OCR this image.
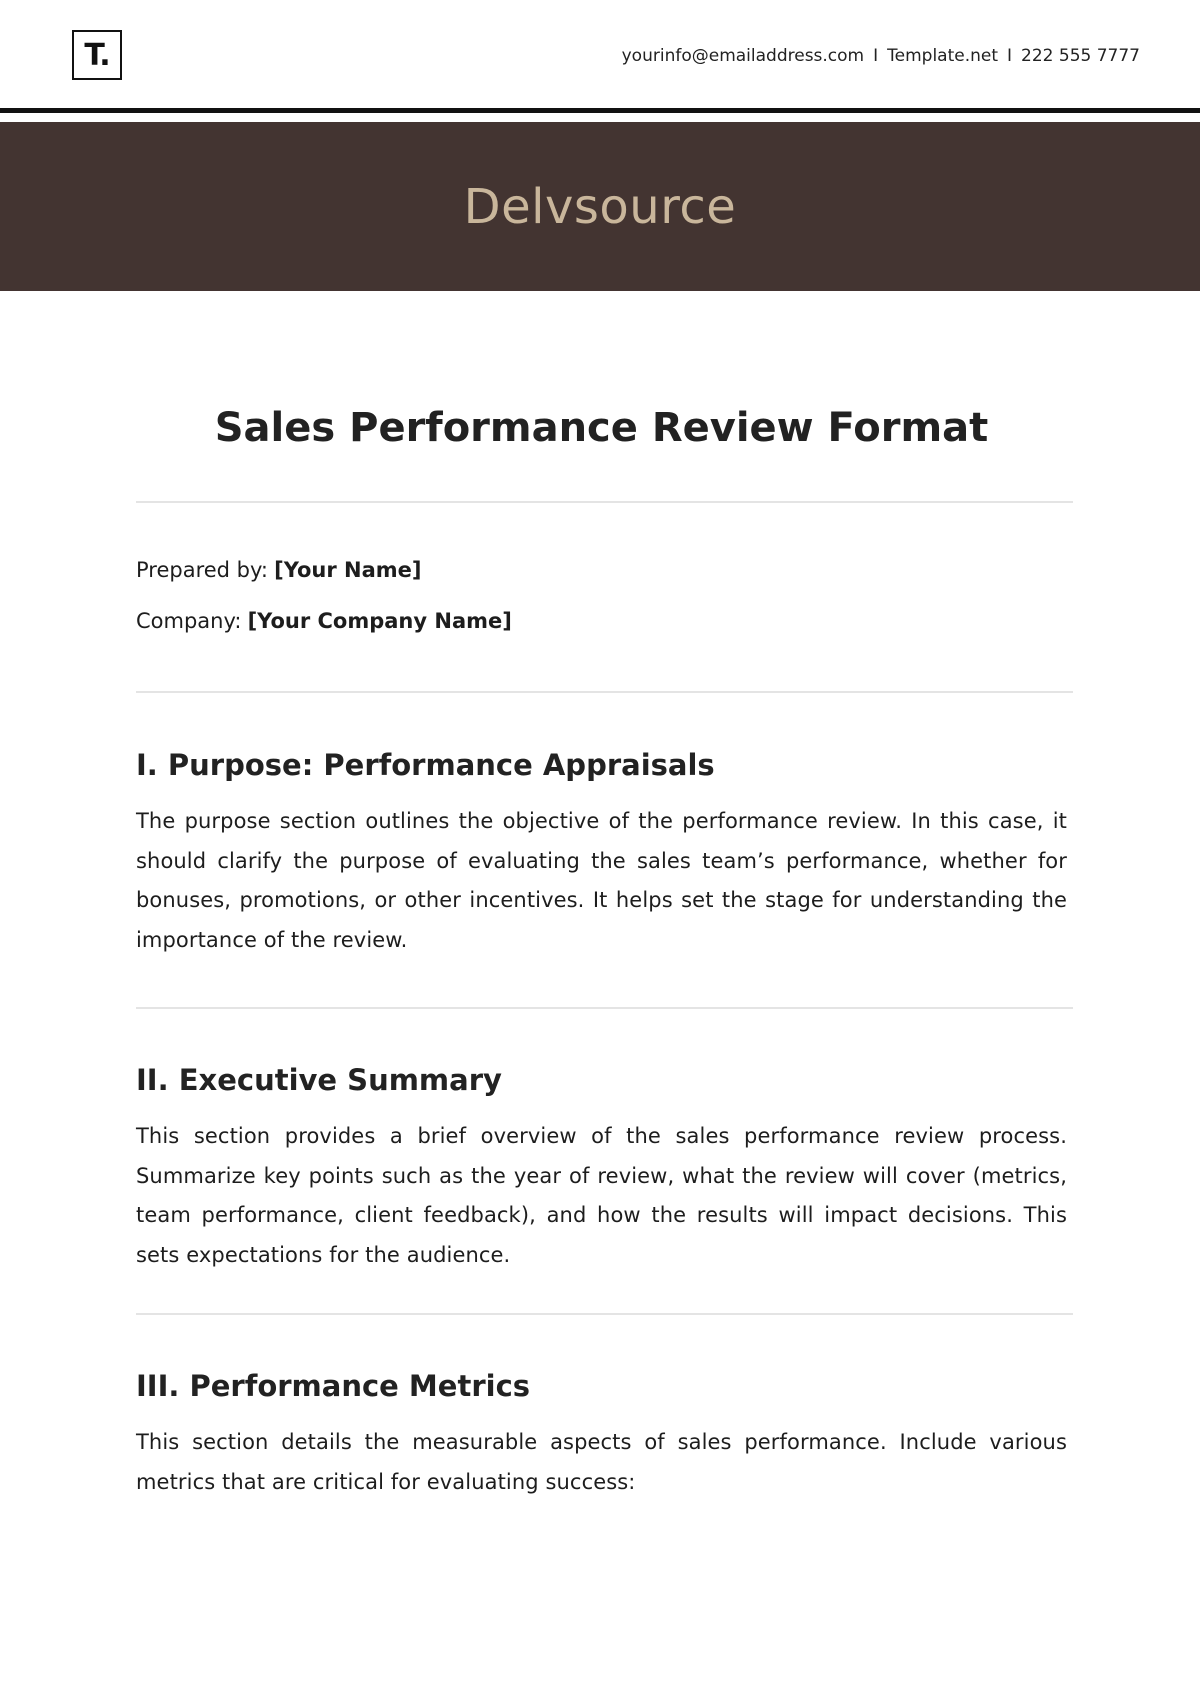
T.	yourinfo@emailaddress.com I Template.net I 222 555 7777
Delvsource
Sales Performance Review Format
Prepared by: [Your Name]
Company: [Your Company Name]
I. Purpose: Performance Appraisals

The purpose section outlines the objective of the performance review. In this case, it should clarify the purpose of evaluating the sales team’s performance, whether for bonuses, promotions, or other incentives. It helps set the stage for understanding the importance of the review.

II. Executive Summary

This section provides a brief overview of the sales performance review process. Summarize key points such as the year of review, what the review will cover (metrics, team performance, client feedback), and how the results will impact decisions. This sets expectations for the audience.

III. Performance Metrics

This section details the measurable aspects of sales performance. Include various metrics that are critical for evaluating success:
